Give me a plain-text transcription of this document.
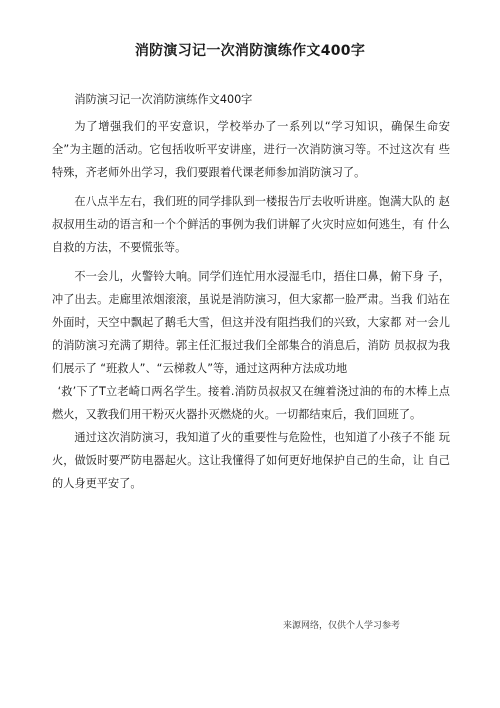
消防演习记一次消防演练作文400字

消防演习记一次消防演练作文400字

为了增强我们的平安意识，学校举办了一系列以“学习知识，确保生命安 全”为主题的活动。它包括收听平安讲座，进行一次消防演习等。不过这次有 些特殊，齐老师外出学习，我们要跟着代课老师参加消防演习了。

在八点半左右，我们班的同学排队到一楼报告厅去收听讲座。饱满大队的 赵叔叔用生动的语言和一个个鲜活的事例为我们讲解了火灾时应如何逃生，有 什么自救的方法，不要慌张等。

不一会儿，火警铃大响。同学们连忙用水浸湿毛巾，捂住口鼻，俯下身 子，冲了出去。走廊里浓烟滚滚，虽说是消防演习，但大家都一脸严肃。当我 们站在外面时，天空中飘起了鹅毛大雪，但这并没有阻挡我们的兴致，大家都 对一会儿的消防演习充满了期待。郭主任汇报过我们全部集合的消息后，消防 员叔叔为我们展示了 “班救人”、“云梯救人”等，通过这两种方法成功地

‘救’下了T立老崎口两名学生。接着.消防员叔叔又在缠着浇过油的布的木棒上点燃火，又教我们用干粉灭火器扑灭燃烧的火。一切都结束后，我们回班了。

通过这次消防演习，我知道了火的重要性与危险性，也知道了小孩子不能 玩火，做饭时要严防电器起火。这让我懂得了如何更好地保护自己的生命，让 自己的人身更平安了。

来源网络，仅供个人学习参考
